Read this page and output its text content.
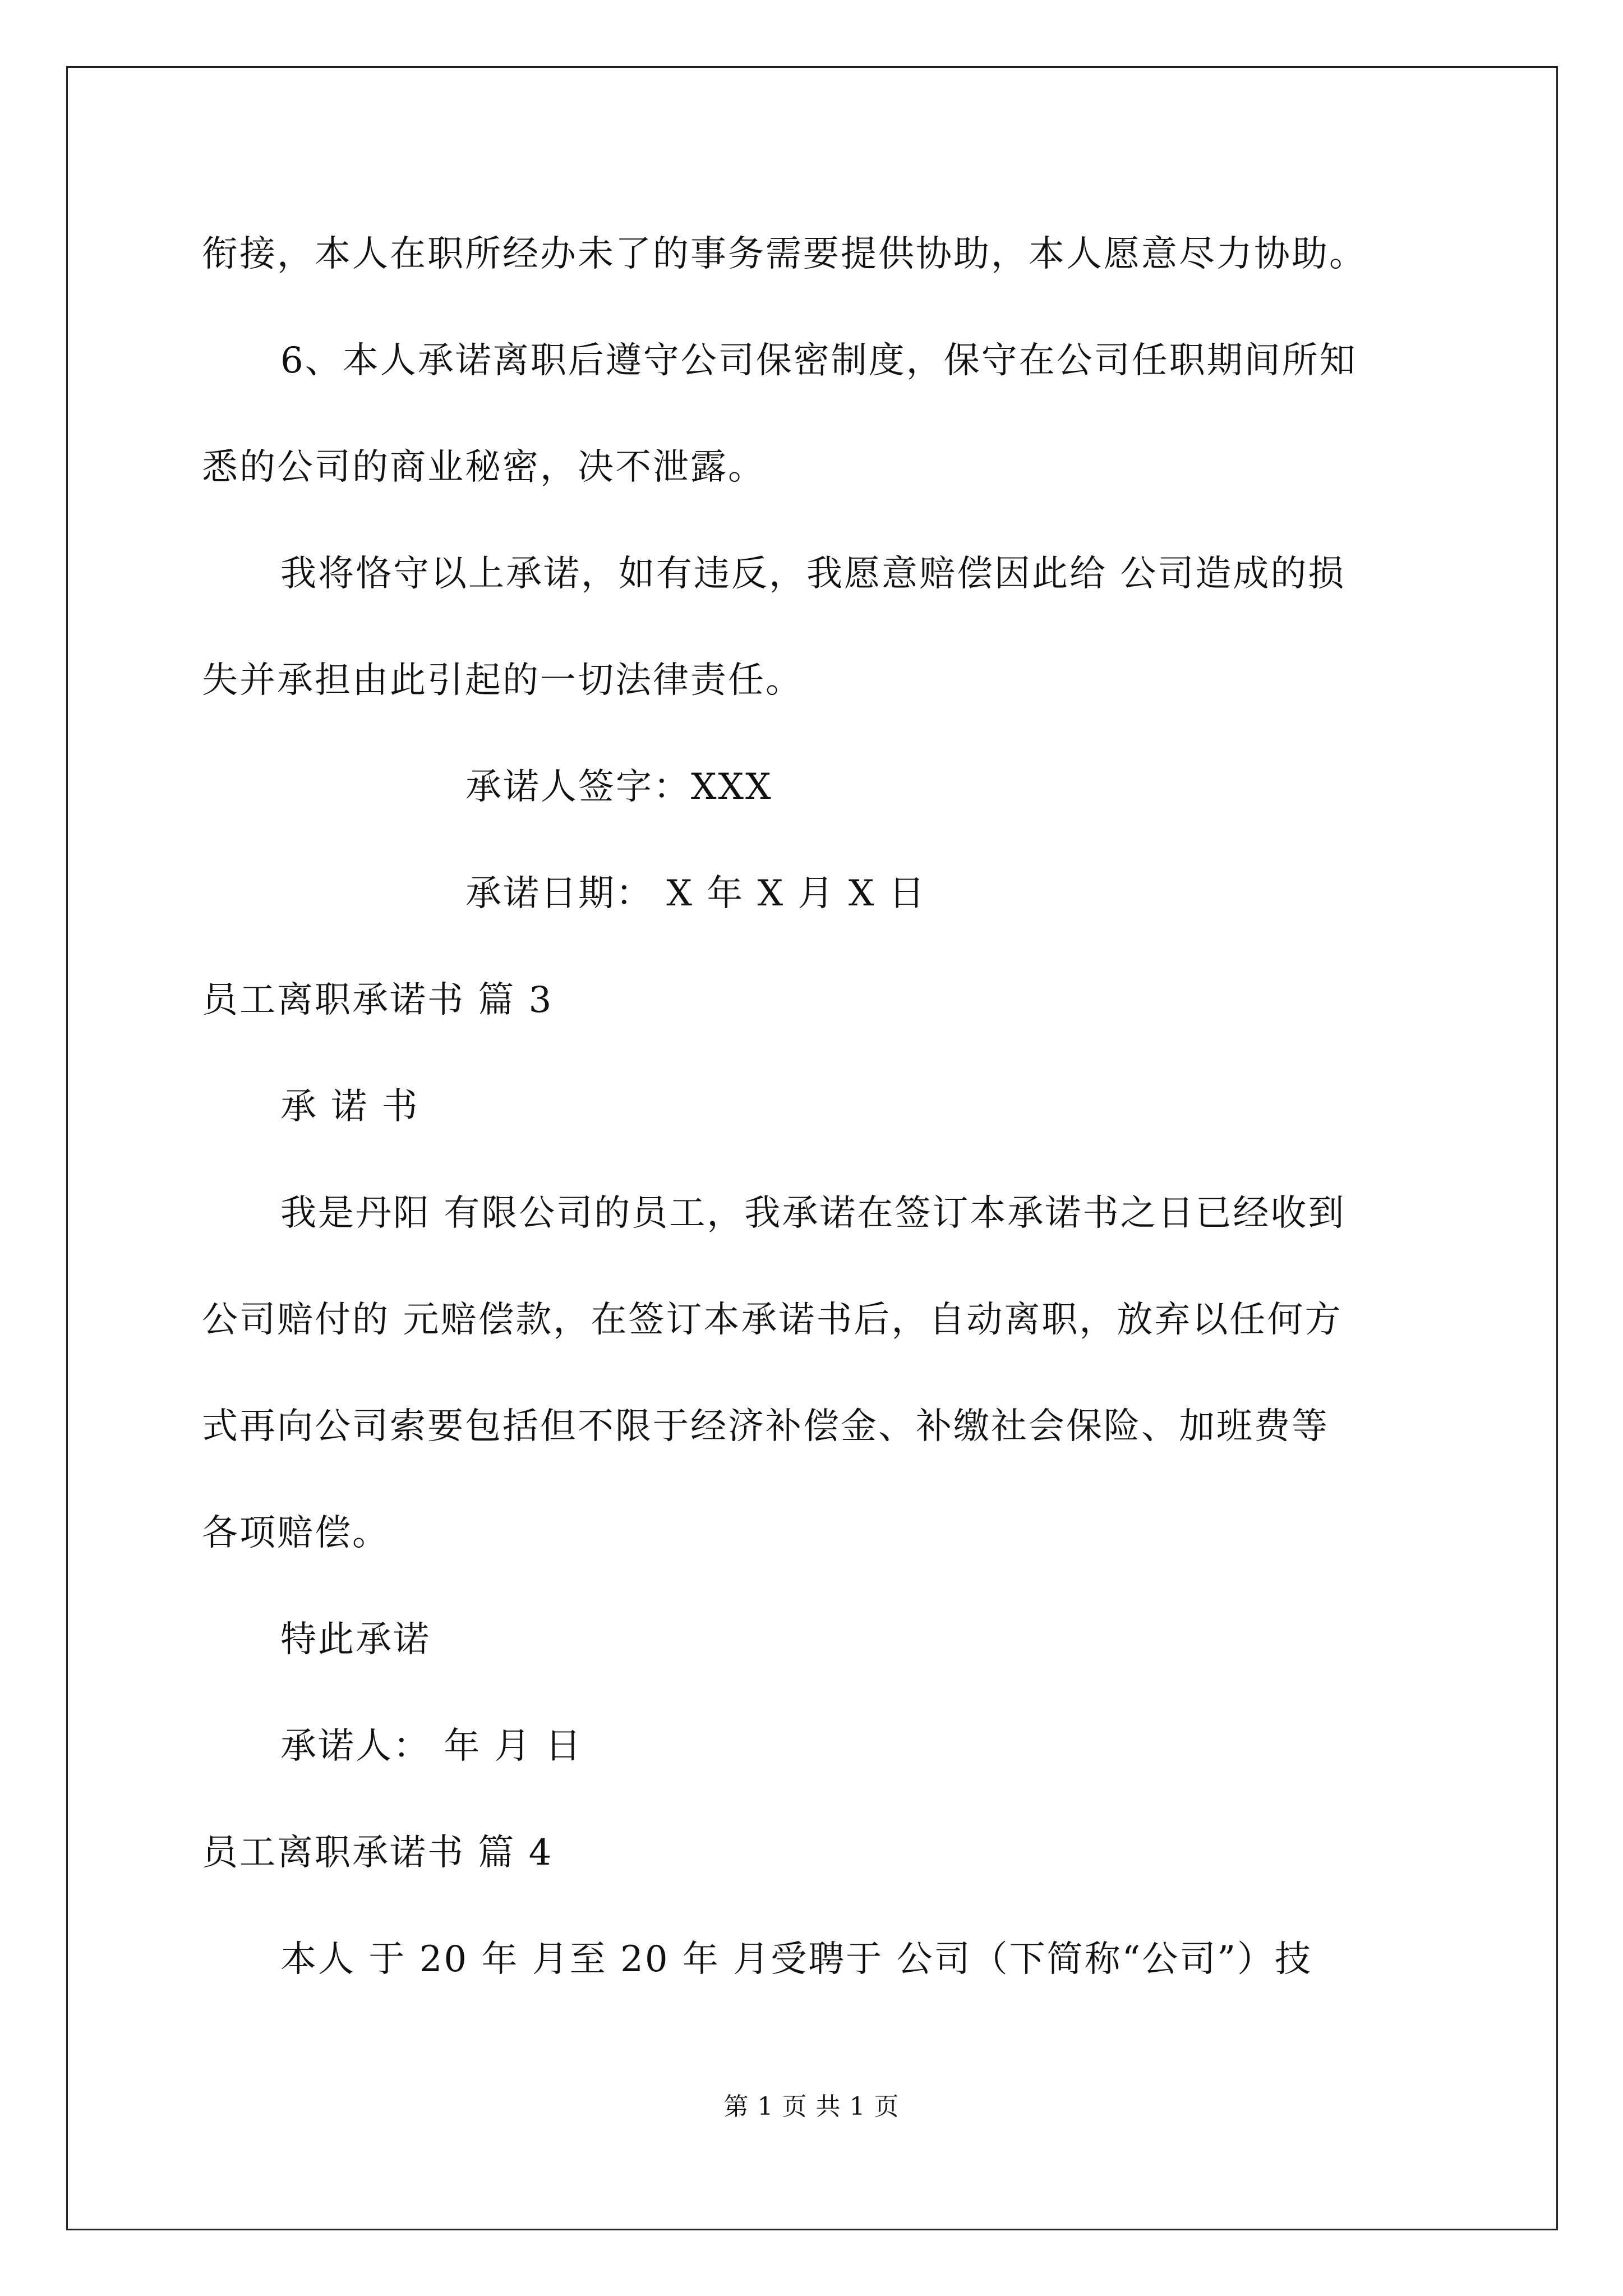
衔接，本人在职所经办未了的事务需要提供协助，本人愿意尽力协助。
6、本人承诺离职后遵守公司保密制度，保守在公司任职期间所知
悉的公司的商业秘密，决不泄露。
我将恪守以上承诺，如有违反，我愿意赔偿因此给 公司造成的损
失并承担由此引起的一切法律责任。
承诺人签字：XXX
承诺日期： X 年 X 月 X 日
员工离职承诺书 篇 3
承 诺 书
我是丹阳 有限公司的员工，我承诺在签订本承诺书之日已经收到
公司赔付的 元赔偿款，在签订本承诺书后，自动离职，放弃以任何方
式再向公司索要包括但不限于经济补偿金、补缴社会保险、加班费等
各项赔偿。
特此承诺
承诺人： 年 月 日
员工离职承诺书 篇 4
本人 于 20 年 月至 20 年 月受聘于 公司（下简称“公司”）技
第 1 页 共 1 页
